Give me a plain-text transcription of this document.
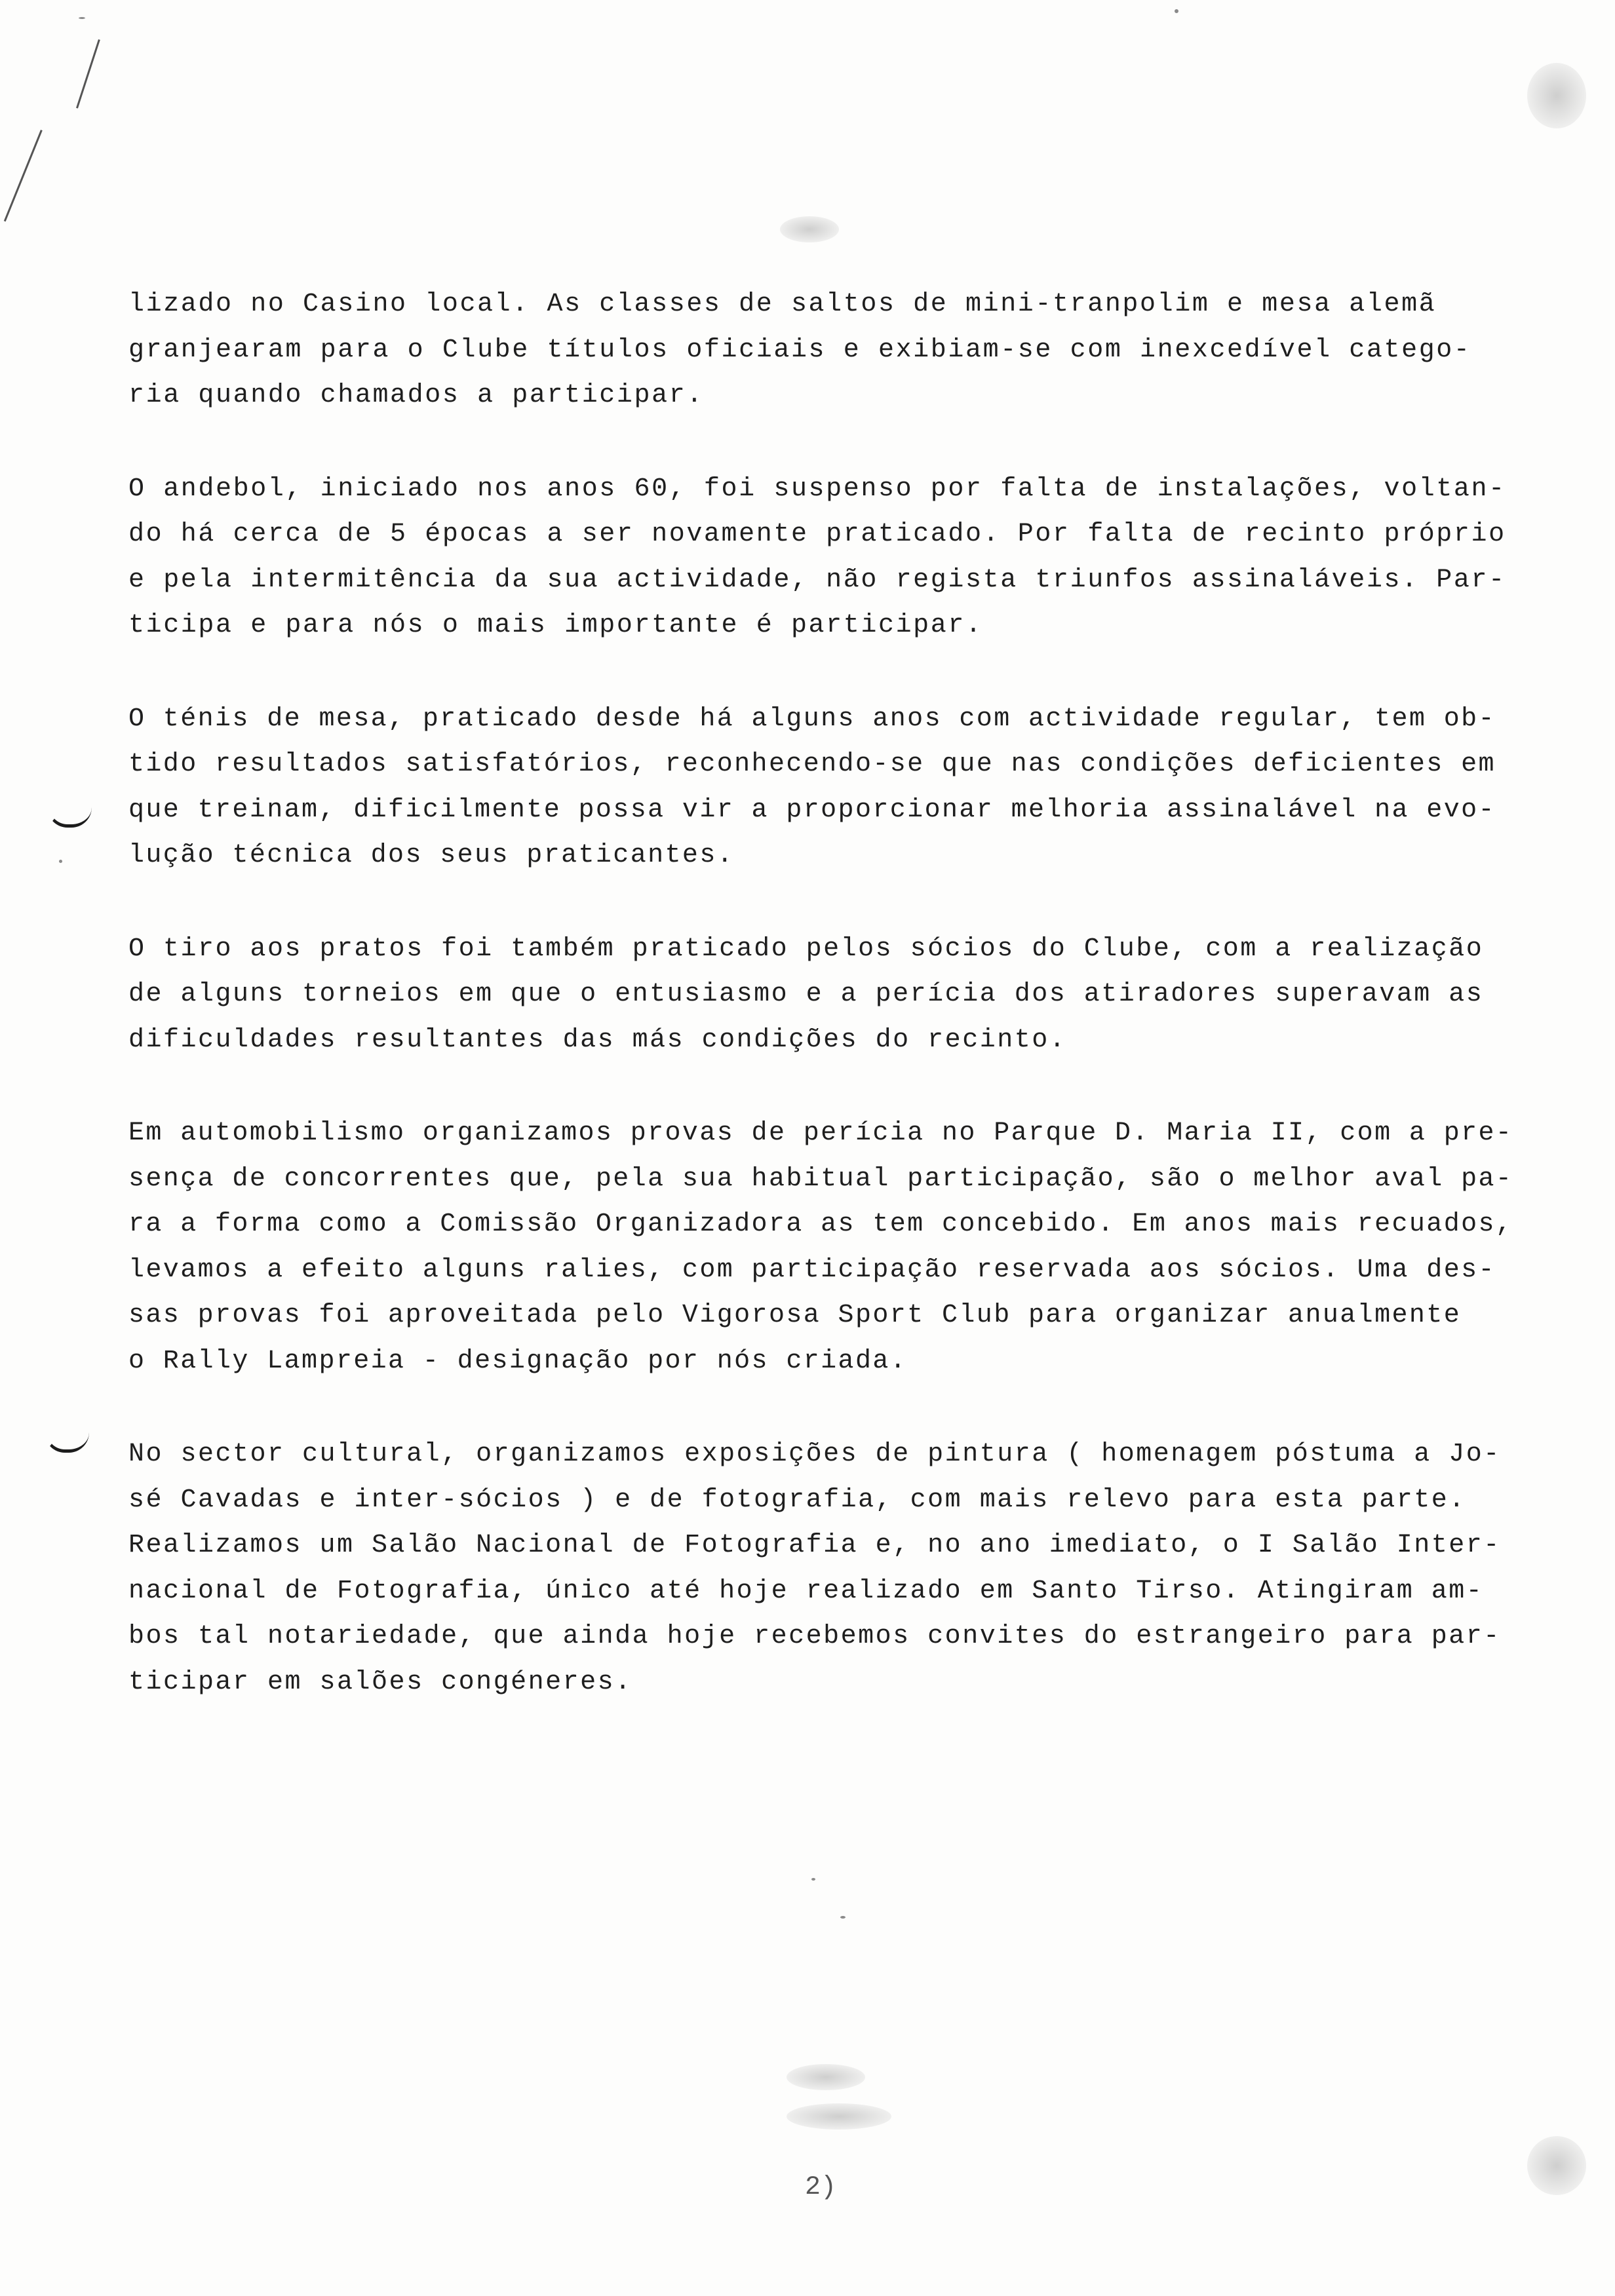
lizado no Casino local. As classes de saltos de mini-tranpolim e mesa alemã
granjearam para o Clube títulos oficiais e exibiam-se com inexcedível catego-
ria quando chamados a participar.

O andebol, iniciado nos anos 60, foi suspenso por falta de instalações, voltan-
do há cerca de 5 épocas a ser novamente praticado. Por falta de recinto próprio
e pela intermitência da sua actividade, não regista triunfos assinaláveis. Par-
ticipa e para nós o mais importante é participar.

O ténis de mesa, praticado desde há alguns anos com actividade regular, tem ob-
tido resultados satisfatórios, reconhecendo-se que nas condições deficientes em
que treinam, dificilmente possa vir a proporcionar melhoria assinalável na evo-
lução técnica dos seus praticantes.

O tiro aos pratos foi também praticado pelos sócios do Clube, com a realização
de alguns torneios em que o entusiasmo e a perícia dos atiradores superavam as
dificuldades resultantes das más condições do recinto.

Em automobilismo organizamos provas de perícia no Parque D. Maria II, com a pre-
sença de concorrentes que, pela sua habitual participação, são o melhor aval pa-
ra a forma como a Comissão Organizadora as tem concebido. Em anos mais recuados,
levamos a efeito alguns ralies, com participação reservada aos sócios. Uma des-
sas provas foi aproveitada pelo Vigorosa Sport Club para organizar anualmente
o Rally Lampreia - designação por nós criada.

No sector cultural, organizamos exposições de pintura ( homenagem póstuma a Jo-
sé Cavadas e inter-sócios ) e de fotografia, com mais relevo para esta parte.
Realizamos um Salão Nacional de Fotografia e, no ano imediato, o I Salão Inter-
nacional de Fotografia, único até hoje realizado em Santo Tirso. Atingiram am-
bos tal notariedade, que ainda hoje recebemos convites do estrangeiro para par-
ticipar em salões congéneres.

2)
